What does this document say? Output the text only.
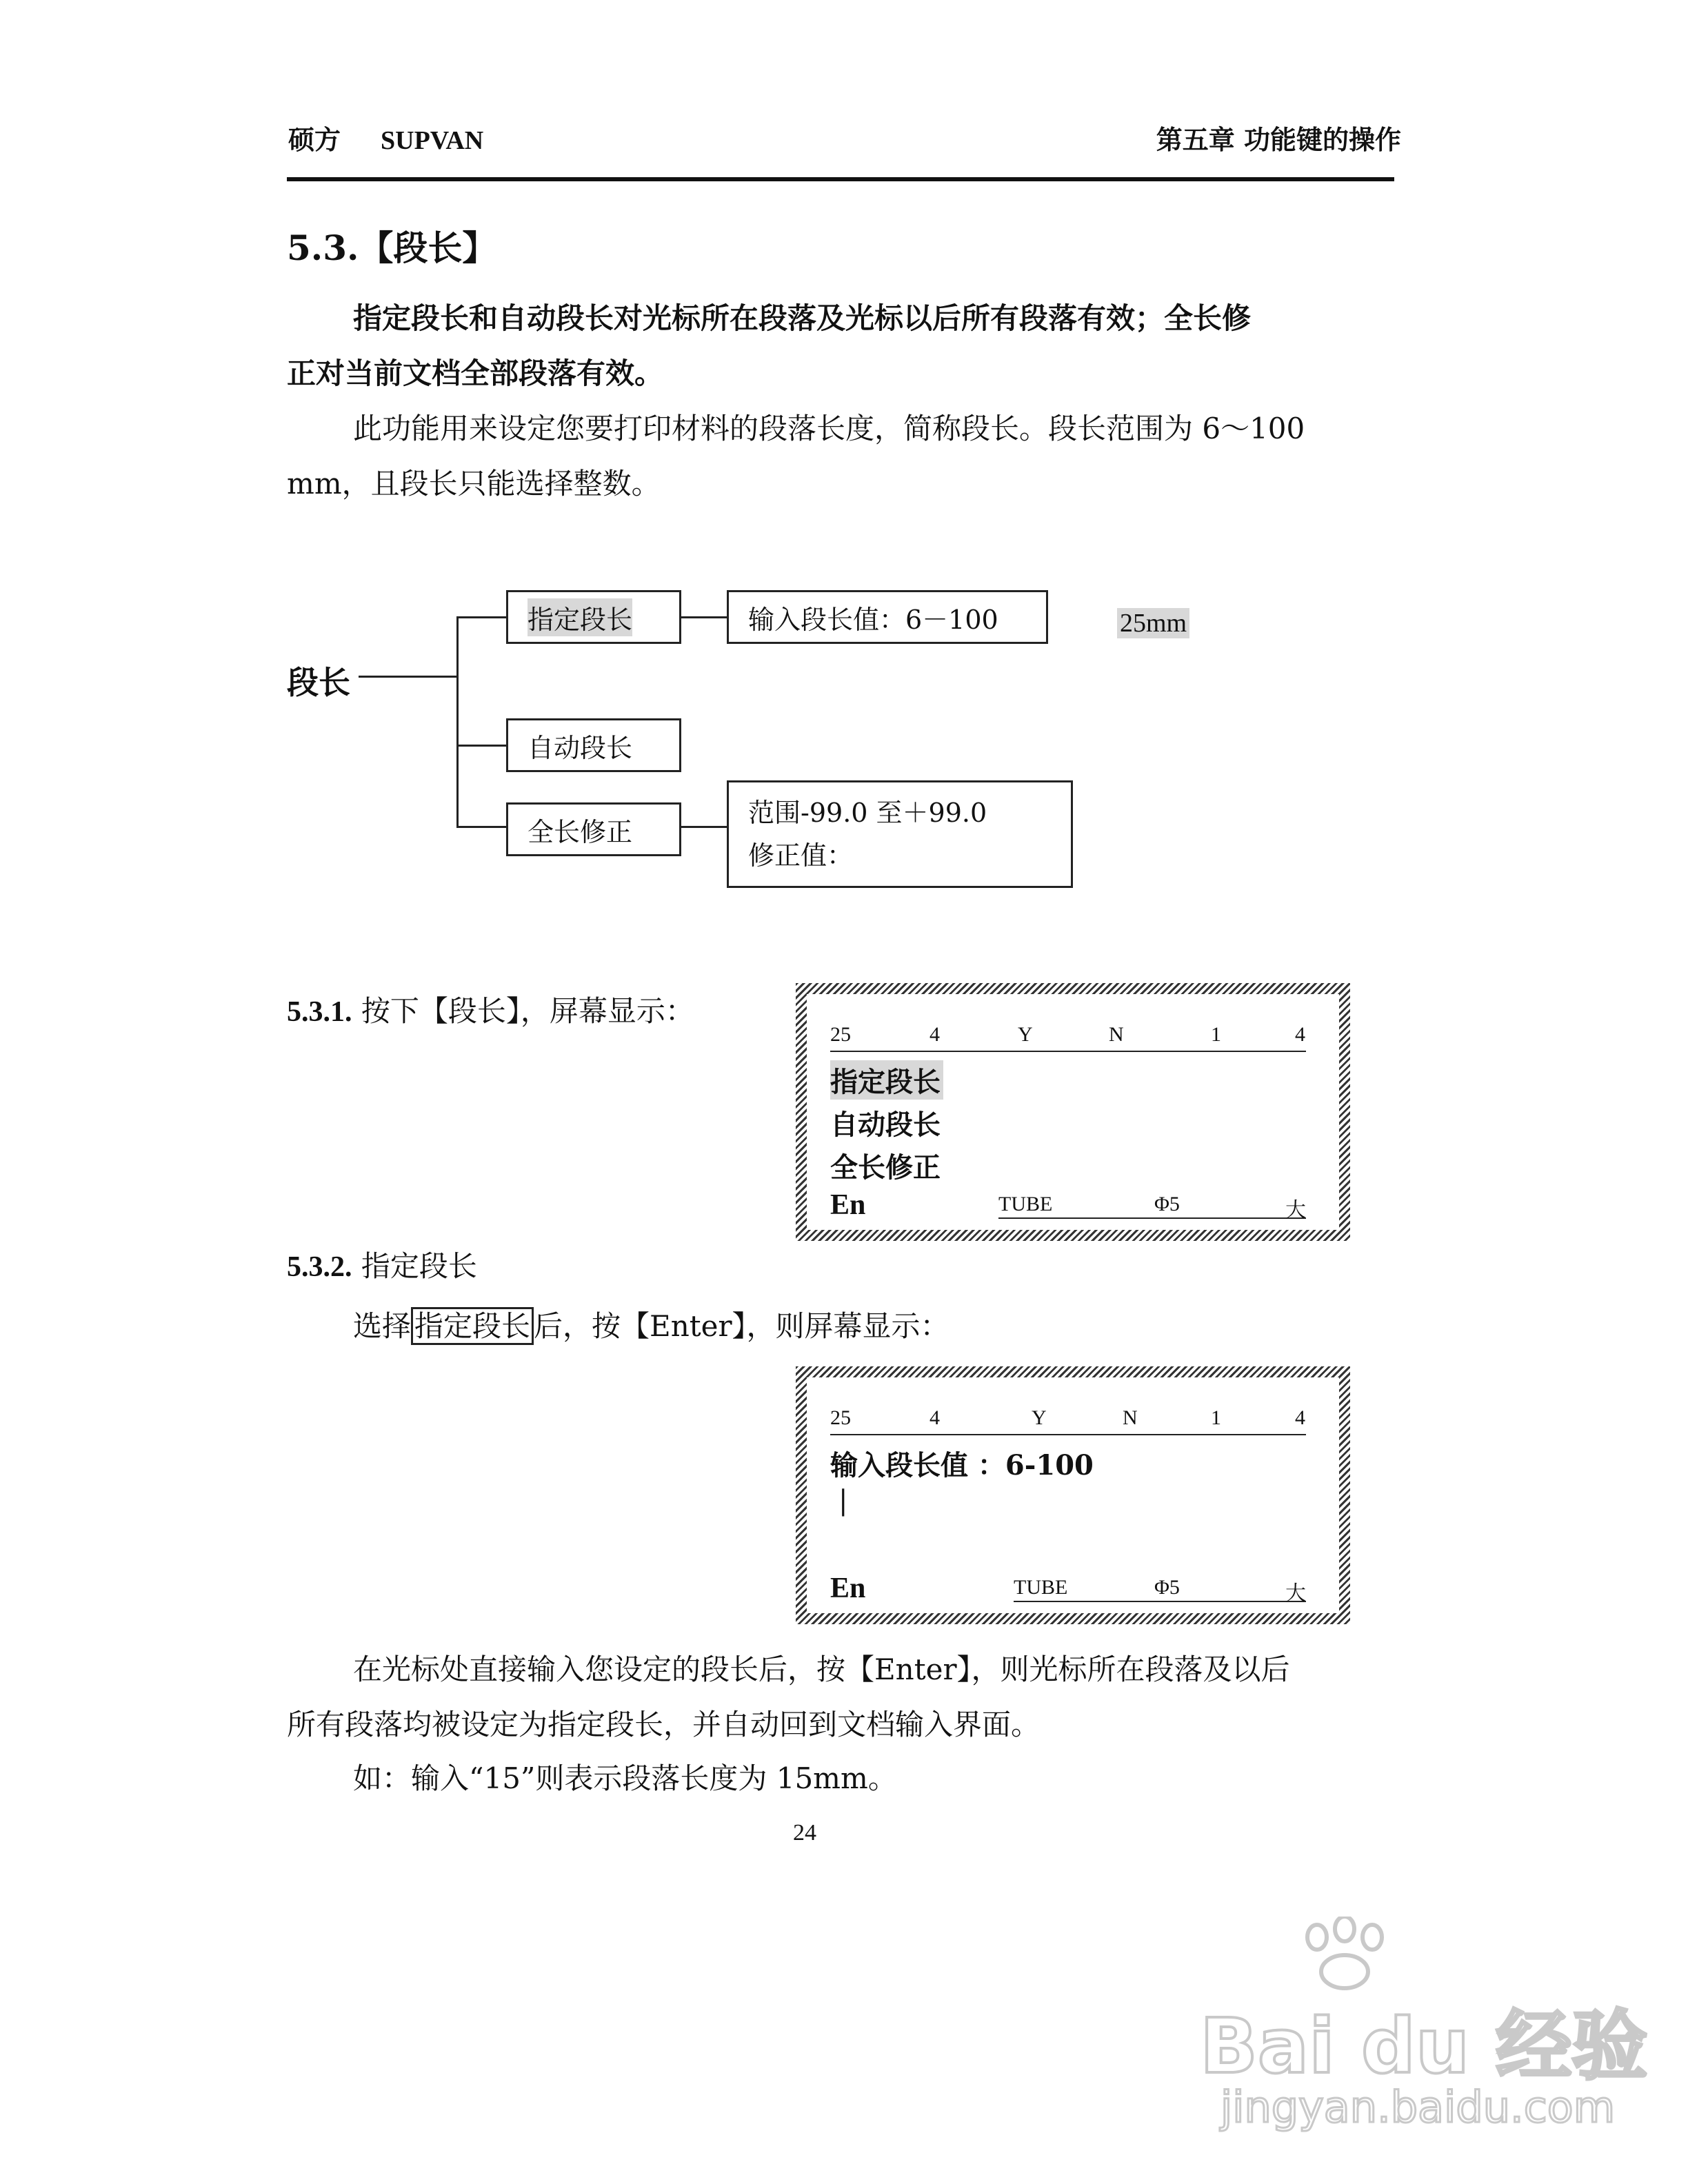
硕方 SUPVAN	第五章 功能键的操作
5.3.【段长】
指定段长和自动段长对光标所在段落及光标以后所有段落有效；全长修
正对当前文档全部段落有效。
此功能用来设定您要打印材料的段落长度，简称段长。段长范围为 6～100
mm，且段长只能选择整数。
段长
指定段长	输入段长值：6－100	25mm
自动段长
全长修正
范围-99.0 至＋99.0
修正值：
5.3.1. 按下【段长】，屏幕显示：
25	4	Y	N	1	4
指定段长
自动段长
全长修正
En	TUBE	Φ5	大
5.3.2. 指定段长
选择 指定段长 后，按【Enter】，则屏幕显示：
25	4	Y	N	1	4
输入段长值 ：6-100
|
En	TUBE	Φ5	大
在光标处直接输入您设定的段长后，按【Enter】，则光标所在段落及以后
所有段落均被设定为指定段长，并自动回到文档输入界面。
如：输入“15”则表示段落长度为 15mm。
24
Bai du 经验
jingyan.baidu.com
